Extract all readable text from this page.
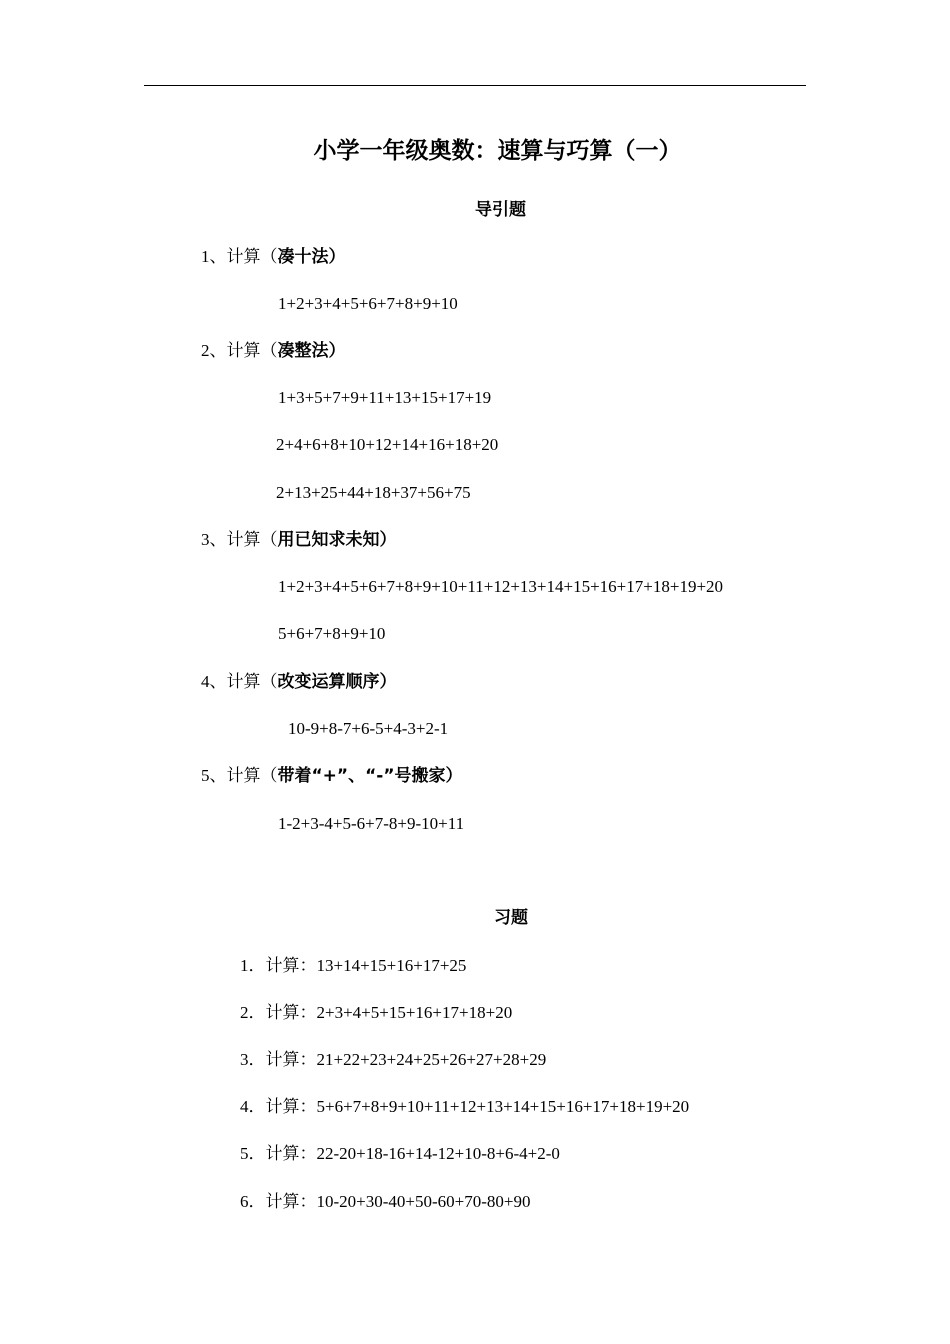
小学一年级奥数：速算与巧算（一）
导引题
1、计算（凑十法）
1+2+3+4+5+6+7+8+9+10
2、计算（凑整法）
1+3+5+7+9+11+13+15+17+19
2+4+6+8+10+12+14+16+18+20
2+13+25+44+18+37+56+75
3、计算（用已知求未知）
1+2+3+4+5+6+7+8+9+10+11+12+13+14+15+16+17+18+19+20
5+6+7+8+9+10
4、计算（改变运算顺序）
10-9+8-7+6-5+4-3+2-1
5、计算（带着“+”、“-”号搬家）
1-2+3-4+5-6+7-8+9-10+11
习题
1．计算：13+14+15+16+17+25
2．计算：2+3+4+5+15+16+17+18+20
3．计算：21+22+23+24+25+26+27+28+29
4．计算：5+6+7+8+9+10+11+12+13+14+15+16+17+18+19+20
5．计算：22-20+18-16+14-12+10-8+6-4+2-0
6．计算：10-20+30-40+50-60+70-80+90
